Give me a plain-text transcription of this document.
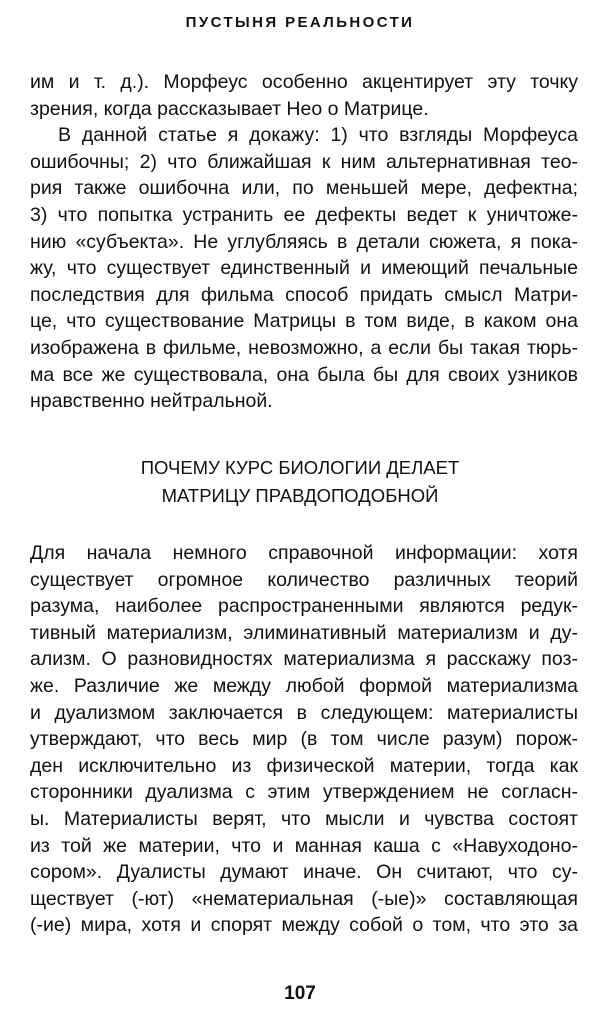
ПУСТЫНЯ РЕАЛЬНОСТИ
им и т. д.). Морфеус особенно акцентирует эту точку
зрения, когда рассказывает Нео о Матрице.
В данной статье я докажу: 1) что взгляды Морфеуса
ошибочны; 2) что ближайшая к ним альтернативная тео-
рия также ошибочна или, по меньшей мере, дефектна;
3) что попытка устранить ее дефекты ведет к уничтоже-
нию «субъекта». Не углубляясь в детали сюжета, я пока-
жу, что существует единственный и имеющий печальные
последствия для фильма способ придать смысл Матри-
це, что существование Матрицы в том виде, в каком она
изображена в фильме, невозможно, а если бы такая тюрь-
ма все же существовала, она была бы для своих узников
нравственно нейтральной.
ПОЧЕМУ КУРС БИОЛОГИИ ДЕЛАЕТ
МАТРИЦУ ПРАВДОПОДОБНОЙ
Для начала немного справочной информации: хотя
существует огромное количество различных теорий
разума, наиболее распространенными являются редук-
тивный материализм, элиминативный материализм и ду-
ализм. О разновидностях материализма я расскажу поз-
же. Различие же между любой формой материализма
и дуализмом заключается в следующем: материалисты
утверждают, что весь мир (в том числе разум) порож-
ден исключительно из физической материи, тогда как
сторонники дуализма с этим утверждением не согласн-
ы. Материалисты верят, что мысли и чувства состоят
из той же материи, что и манная каша с «Навуходоно-
сором». Дуалисты думают иначе. Он считают, что су-
ществует (-ют) «нематериальная (-ые)» составляющая
(-ие) мира, хотя и спорят между собой о том, что это за
107
